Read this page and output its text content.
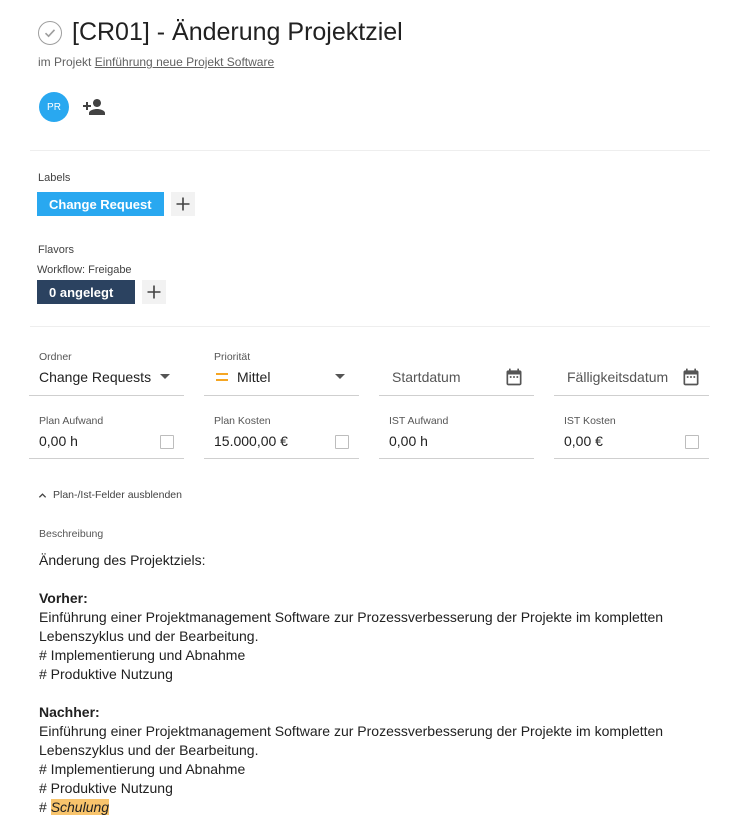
[CR01] - Änderung Projektziel
im Projekt Einführung neue Projekt Software
PR
Labels
Change Request
Flavors
Workflow: Freigabe
0 angelegt
Ordner
Change Requests
Priorität
Mittel	Startdatum	Fälligkeitsdatum
Plan Aufwand
0,00 h
Plan Kosten
15.000,00 €
IST Aufwand
0,00 h
IST Kosten
0,00 €
Plan-/Ist-Felder ausblenden
Beschreibung

Änderung des Projektziels:

Vorher:

Einführung einer Projektmanagement Software zur Prozessverbesserung der Projekte im kompletten

Lebenszyklus und der Bearbeitung.

# Implementierung und Abnahme

# Produktive Nutzung

Nachher:

Einführung einer Projektmanagement Software zur Prozessverbesserung der Projekte im kompletten

Lebenszyklus und der Bearbeitung.

# Implementierung und Abnahme

# Produktive Nutzung

# Schulung
